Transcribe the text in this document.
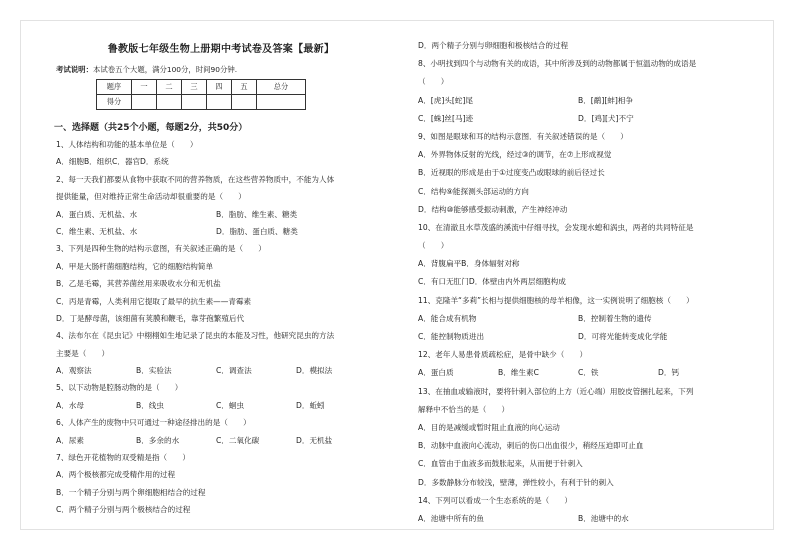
鲁教版七年级生物上册期中考试卷及答案【最新】
考试说明：本试卷五个大题，满分100分，时间90分钟.
题序	一	二	三	四	五	总分
得分						
一、选择题（共25个小题，每题2分，共50分）
1、人体结构和功能的基本单位是（　　）
A．细胞B．组织C．器官D．系统
2、每一天我们都要从食物中获取不同的营养物质，在这些营养物质中，不能为人体
提供能量，但对维持正常生命活动却很重要的是（　　）
A．蛋白质、无机盐、水	B．脂肪、维生素、糖类
C．维生素、无机盐、水	D．脂肪、蛋白质、糖类
3、下列是四种生物的结构示意图，有关叙述正确的是（　　）
A．甲是大肠杆菌细胞结构，它的细胞结构简单
B．乙是毛霉，其营养菌丝用来吸收水分和无机盐
C．丙是青霉，人类利用它提取了最早的抗生素——青霉素
D．丁是酵母菌，该细菌有荚膜和鞭毛，靠芽孢繁殖后代
4、法布尔在《昆虫记》中栩栩如生地记录了昆虫的本能及习性，他研究昆虫的方法
主要是（　　）
A．观察法	B．实验法	C．调查法	D．模拟法
5、以下动物是腔肠动物的是（　　）
A．水母	B．线虫	C．蛔虫	D．蚯蚓
6、人体产生的废物中只可通过一种途径排出的是（　　）
A．尿素	B．多余的水	C．二氧化碳	D．无机盐
7、绿色开花植物的双受精是指（　　）
A．两个极核都完成受精作用的过程
B．一个精子分别与两个卵细胞相结合的过程
C．两个精子分别与两个极核结合的过程
D．两个精子分别与卵细胞和极核结合的过程
8、小明找到四个与动物有关的成语，其中所涉及到的动物都属于恒温动物的成语是
（　　）
A．[虎]头[蛇]尾	B．[鹬][蚌]相争
C．[蛛]丝[马]迹	D．[鸡][犬]不宁
9、如图是眼球和耳的结构示意图．有关叙述错误的是（　　）
A．外界物体反射的光线，经过③的调节，在⑦上形成视觉
B．近视眼的形成是由于①过度变凸或眼球的前后径过长
C．结构⑨能探测头部运动的方向
D．结构⑩能够感受振动刺激，产生神经冲动
10、在清澈且水草茂盛的溪流中仔细寻找，会发现水螅和涡虫，两者的共同特征是
（　　）
A．背腹扁平B．身体辐射对称
C．有口无肛门D．体壁由内外两层细胞构成
11、克隆羊“多莉”长相与提供细胞核的母羊相像，这一实例说明了细胞核（　　）
A．能合成有机物	B．控制着生物的遗传
C．能控制物质进出	D．可将光能转变成化学能
12、老年人易患骨质疏松症，是骨中缺少（　　）
A．蛋白质	B．维生素C	C．铁	D．钙
13、在抽血或输液时，要将针刺入部位的上方（近心端）用胶皮管捆扎起来，下列
解释中不恰当的是（　　）
A．目的是减缓或暂时阻止血液的向心运动
B．动脉中血液向心流动，刺后的伤口出血很少，稍经压迫即可止血
C．血管由于血液多而鼓胀起来，从而便于针刺入
D．多数静脉分布较浅，壁薄，弹性较小，有利于针的刺入
14、下列可以看成一个生态系统的是（　　）
A．池塘中所有的鱼	B．池塘中的水
